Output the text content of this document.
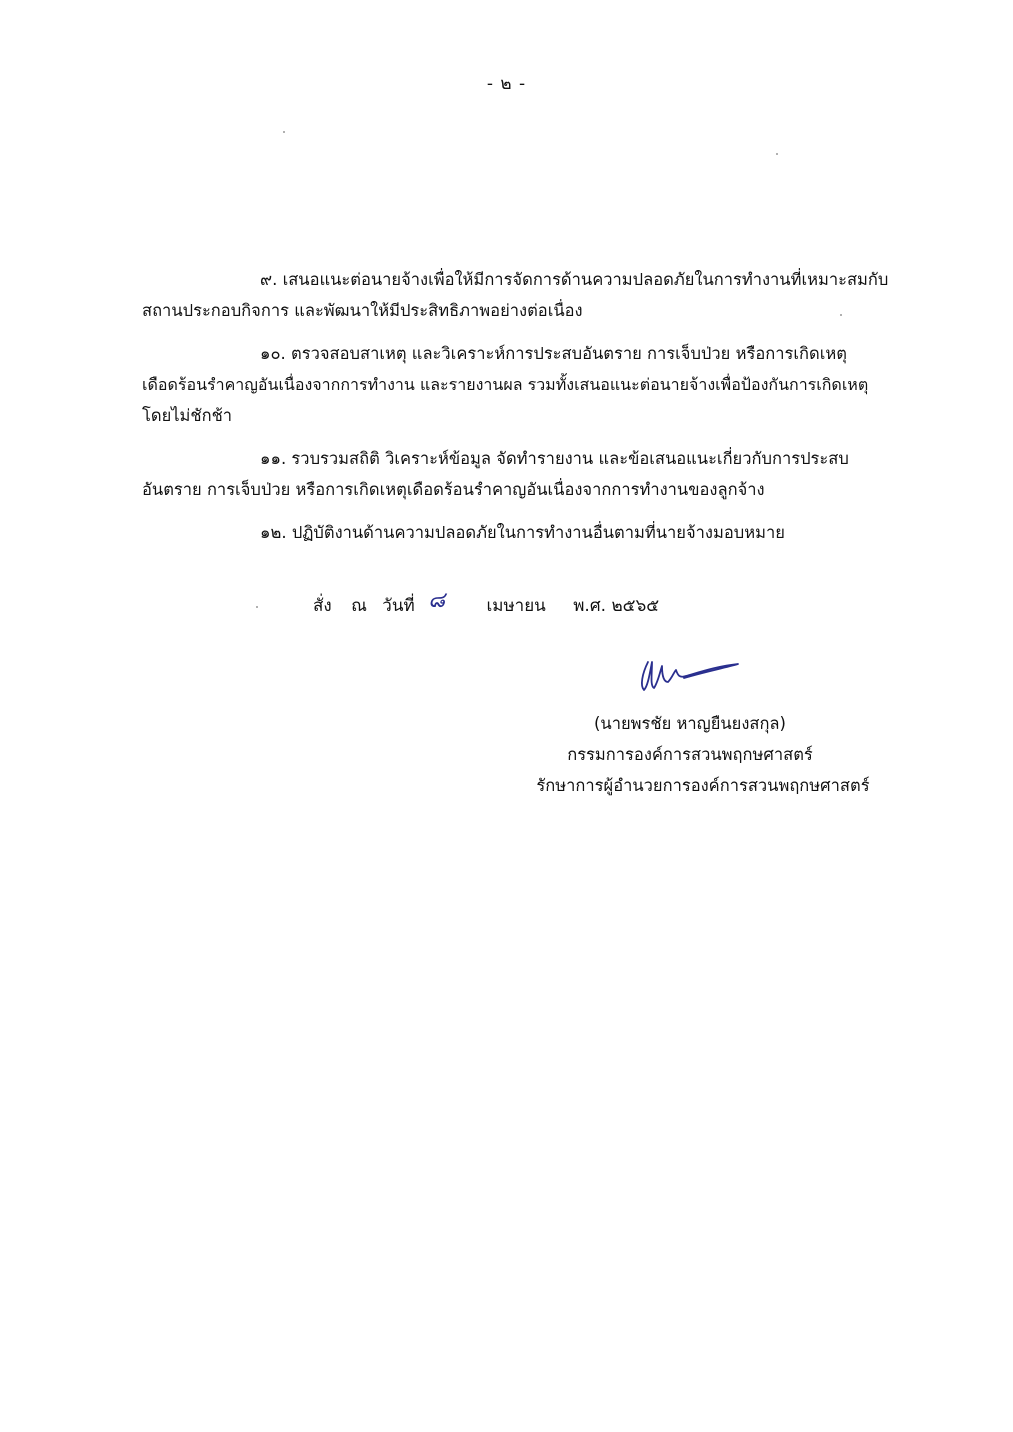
- ๒ -

๙. เสนอแนะต่อนายจ้างเพื่อให้มีการจัดการด้านความปลอดภัยในการทำงานที่เหมาะสมกับ
สถานประกอบกิจการ และพัฒนาให้มีประสิทธิภาพอย่างต่อเนื่อง

๑๐. ตรวจสอบสาเหตุ และวิเคราะห์การประสบอันตราย การเจ็บป่วย หรือการเกิดเหตุ
เดือดร้อนรำคาญอันเนื่องจากการทำงาน และรายงานผล รวมทั้งเสนอแนะต่อนายจ้างเพื่อป้องกันการเกิดเหตุ
โดยไม่ชักช้า

๑๑. รวบรวมสถิติ วิเคราะห์ข้อมูล จัดทำรายงาน และข้อเสนอแนะเกี่ยวกับการประสบ
อันตราย การเจ็บป่วย หรือการเกิดเหตุเดือดร้อนรำคาญอันเนื่องจากการทำงานของลูกจ้าง

๑๒. ปฏิบัติงานด้านความปลอดภัยในการทำงานอื่นตามที่นายจ้างมอบหมาย

สั่ง ณ วันที่ ๘ เมษายน พ.ศ. ๒๕๖๕
(นายพรชัย หาญยืนยงสกุล)
กรรมการองค์การสวนพฤกษศาสตร์
รักษาการผู้อำนวยการองค์การสวนพฤกษศาสตร์
